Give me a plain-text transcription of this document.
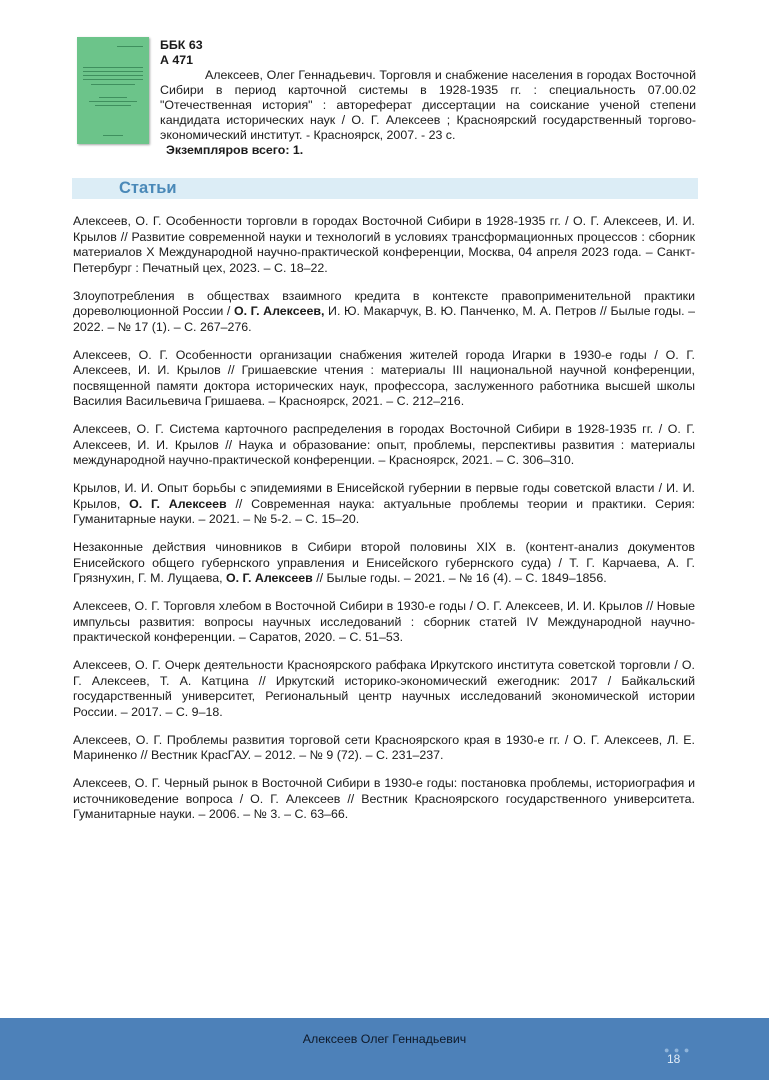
ББК 63
А 471
Алексеев, Олег Геннадьевич. Торговля и снабжение населения в городах Восточной Сибири в период карточной системы в 1928-1935 гг. : специальность 07.00.02 "Отечественная история" : автореферат диссертации на соискание ученой степени кандидата исторических наук / О. Г. Алексеев ; Красноярский государственный торгово-экономический институт. - Красноярск, 2007. - 23 с.
Экземпляров всего: 1.
Статьи

Алексеев, О. Г. Особенности торговли в городах Восточной Сибири в 1928-1935 гг. / О. Г. Алексеев, И. И. Крылов // Развитие современной науки и технологий в условиях трансформационных процессов : сборник материалов X Международной научно-практической конференции, Москва, 04 апреля 2023 года. – Санкт-Петербург : Печатный цех, 2023. – С. 18–22.

Злоупотребления в обществах взаимного кредита в контексте правоприменительной практики дореволюционной России / О. Г. Алексеев, И. Ю. Макарчук, В. Ю. Панченко, М. А. Петров // Былые годы. – 2022. – № 17 (1). – С. 267–276.

Алексеев, О. Г. Особенности организации снабжения жителей города Игарки в 1930-е годы / О. Г. Алексеев, И. И. Крылов // Гришаевские чтения : материалы III национальной научной конференции, посвященной памяти доктора исторических наук, профессора, заслуженного работника высшей школы Василия Васильевича Гришаева. – Красноярск, 2021. – С. 212–216.

Алексеев, О. Г. Система карточного распределения в городах Восточной Сибири в 1928-1935 гг. / О. Г. Алексеев, И. И. Крылов // Наука и образование: опыт, проблемы, перспективы развития : материалы международной научно-практической конференции. – Красноярск, 2021. – С. 306–310.

Крылов, И. И. Опыт борьбы с эпидемиями в Енисейской губернии в первые годы советской власти / И. И. Крылов, О. Г. Алексеев // Современная наука: актуальные проблемы теории и практики. Серия: Гуманитарные науки. – 2021. – № 5-2. – С. 15–20.

Незаконные действия чиновников в Сибири второй половины XIX в. (контент-анализ документов Енисейского общего губернского управления и Енисейского губернского суда) / Т. Г. Карчаева, А. Г. Грязнухин, Г. М. Лущаева, О. Г. Алексеев // Былые годы. – 2021. – № 16 (4). – С. 1849–1856.

Алексеев, О. Г. Торговля хлебом в Восточной Сибири в 1930-е годы / О. Г. Алексеев, И. И. Крылов // Новые импульсы развития: вопросы научных исследований : сборник статей IV Международной научно-практической конференции. – Саратов, 2020. – С. 51–53.

Алексеев, О. Г. Очерк деятельности Красноярского рабфака Иркутского института советской торговли / О. Г. Алексеев, Т. А. Катцина // Иркутский историко-экономический ежегодник: 2017 / Байкальский государственный университет, Региональный центр научных исследований экономической истории России. – 2017. – С. 9–18.

Алексеев, О. Г. Проблемы развития торговой сети Красноярского края в 1930-е гг. / О. Г. Алексеев, Л. Е. Мариненко // Вестник КрасГАУ. – 2012. – № 9 (72). – С. 231–237.

Алексеев, О. Г. Черный рынок в Восточной Сибири в 1930-е годы: постановка проблемы, историография и источниковедение вопроса / О. Г. Алексеев // Вестник Красноярского государственного университета. Гуманитарные науки. – 2006. – № 3. – С. 63–66.

Алексеев Олег Геннадьевич
● ● ●
18
